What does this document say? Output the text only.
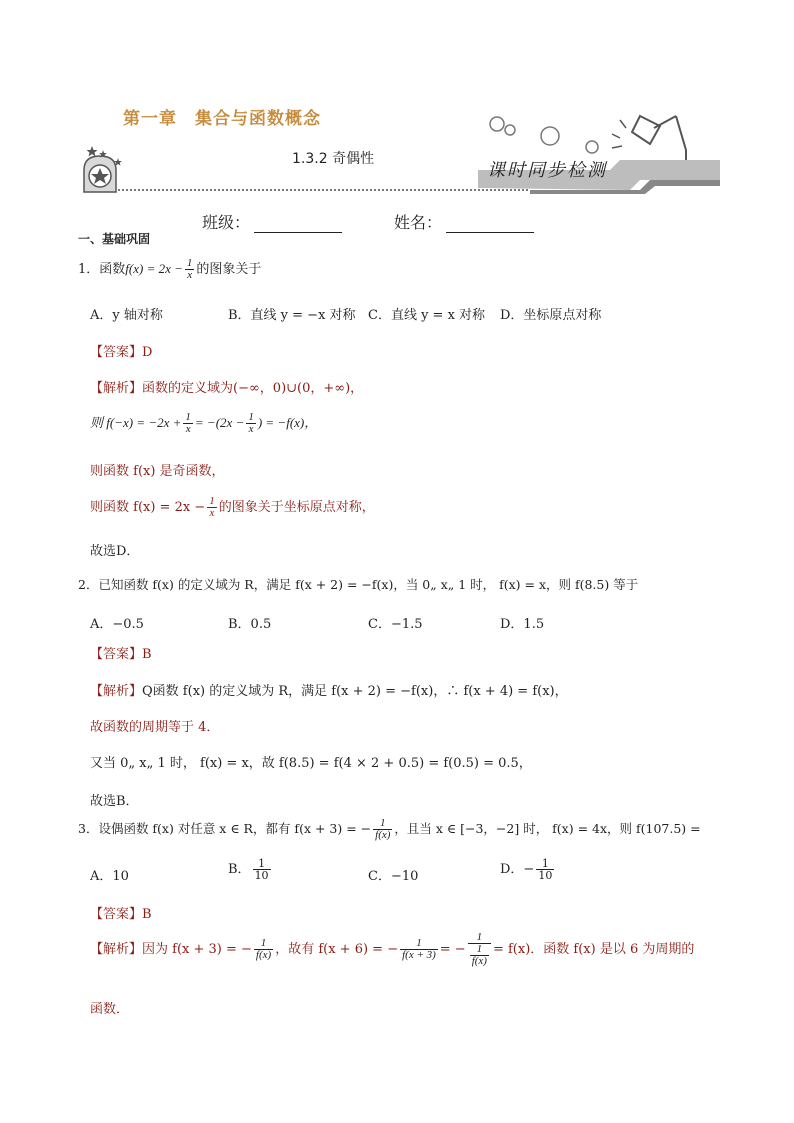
第一章　集合与函数概念
1.3.2 奇偶性
课时同步检测
班级：	姓名：
一、基础巩固
1．函数$f(x) = 2x - \frac{1}{x}$ 的图象关于
A．y 轴对称	B．直线 y = −x 对称 C．直线 y = x 对称 D．坐标原点对称
【答案】D
【解析】函数的定义域为(−∞，0)∪(0，+∞)，
则 $f(-x) = -2x + \frac{1}{x} = -(2x - \frac{1}{x}$ ) = −f(x)，
则函数 f(x) 是奇函数，
则函数 $f(x) = 2x - \frac{1}{x}$ 的图象关于坐标原点对称，
故选D．
2．已知函数 f(x) 的定义域为 R，满足 f(x + 2) = −f(x)，当 0„ x„ 1 时， f(x) = x，则 f(8.5) 等于
A．−0.5	B．0.5	C．−1.5	D．1.5
【答案】B
【解析】Q函数 f(x) 的定义域为 R，满足 f(x + 2) = −f(x)，∴ f(x + 4) = f(x)，
故函数的周期等于 4．
又当 0„ x„ 1 时， f(x) = x，故 f(8.5) = f(4 × 2 + 0.5) = f(0.5) = 0.5，
故选B．
3．设偶函数 f(x) 对任意 x ∈ R，都有 f(x + 3) = − $\frac{1}{f(x)}$ ，且当 x ∈ [−3，−2] 时， f(x) = 4x，则 f(107.5) =
A．10	B． $\frac{1}{10}$	C．−10	D．− $\frac{1}{10}$
【答案】B
【解析】因为 f(x + 3) = − $\frac{1}{f(x)}$ ，故有 f(x + 6) = − $\frac{1}{f(x + 3)}$ = − $\frac{1}{\frac{1}{f(x)}} = f(x)$．函数 f(x) 是以 6 为周期的
函数．
